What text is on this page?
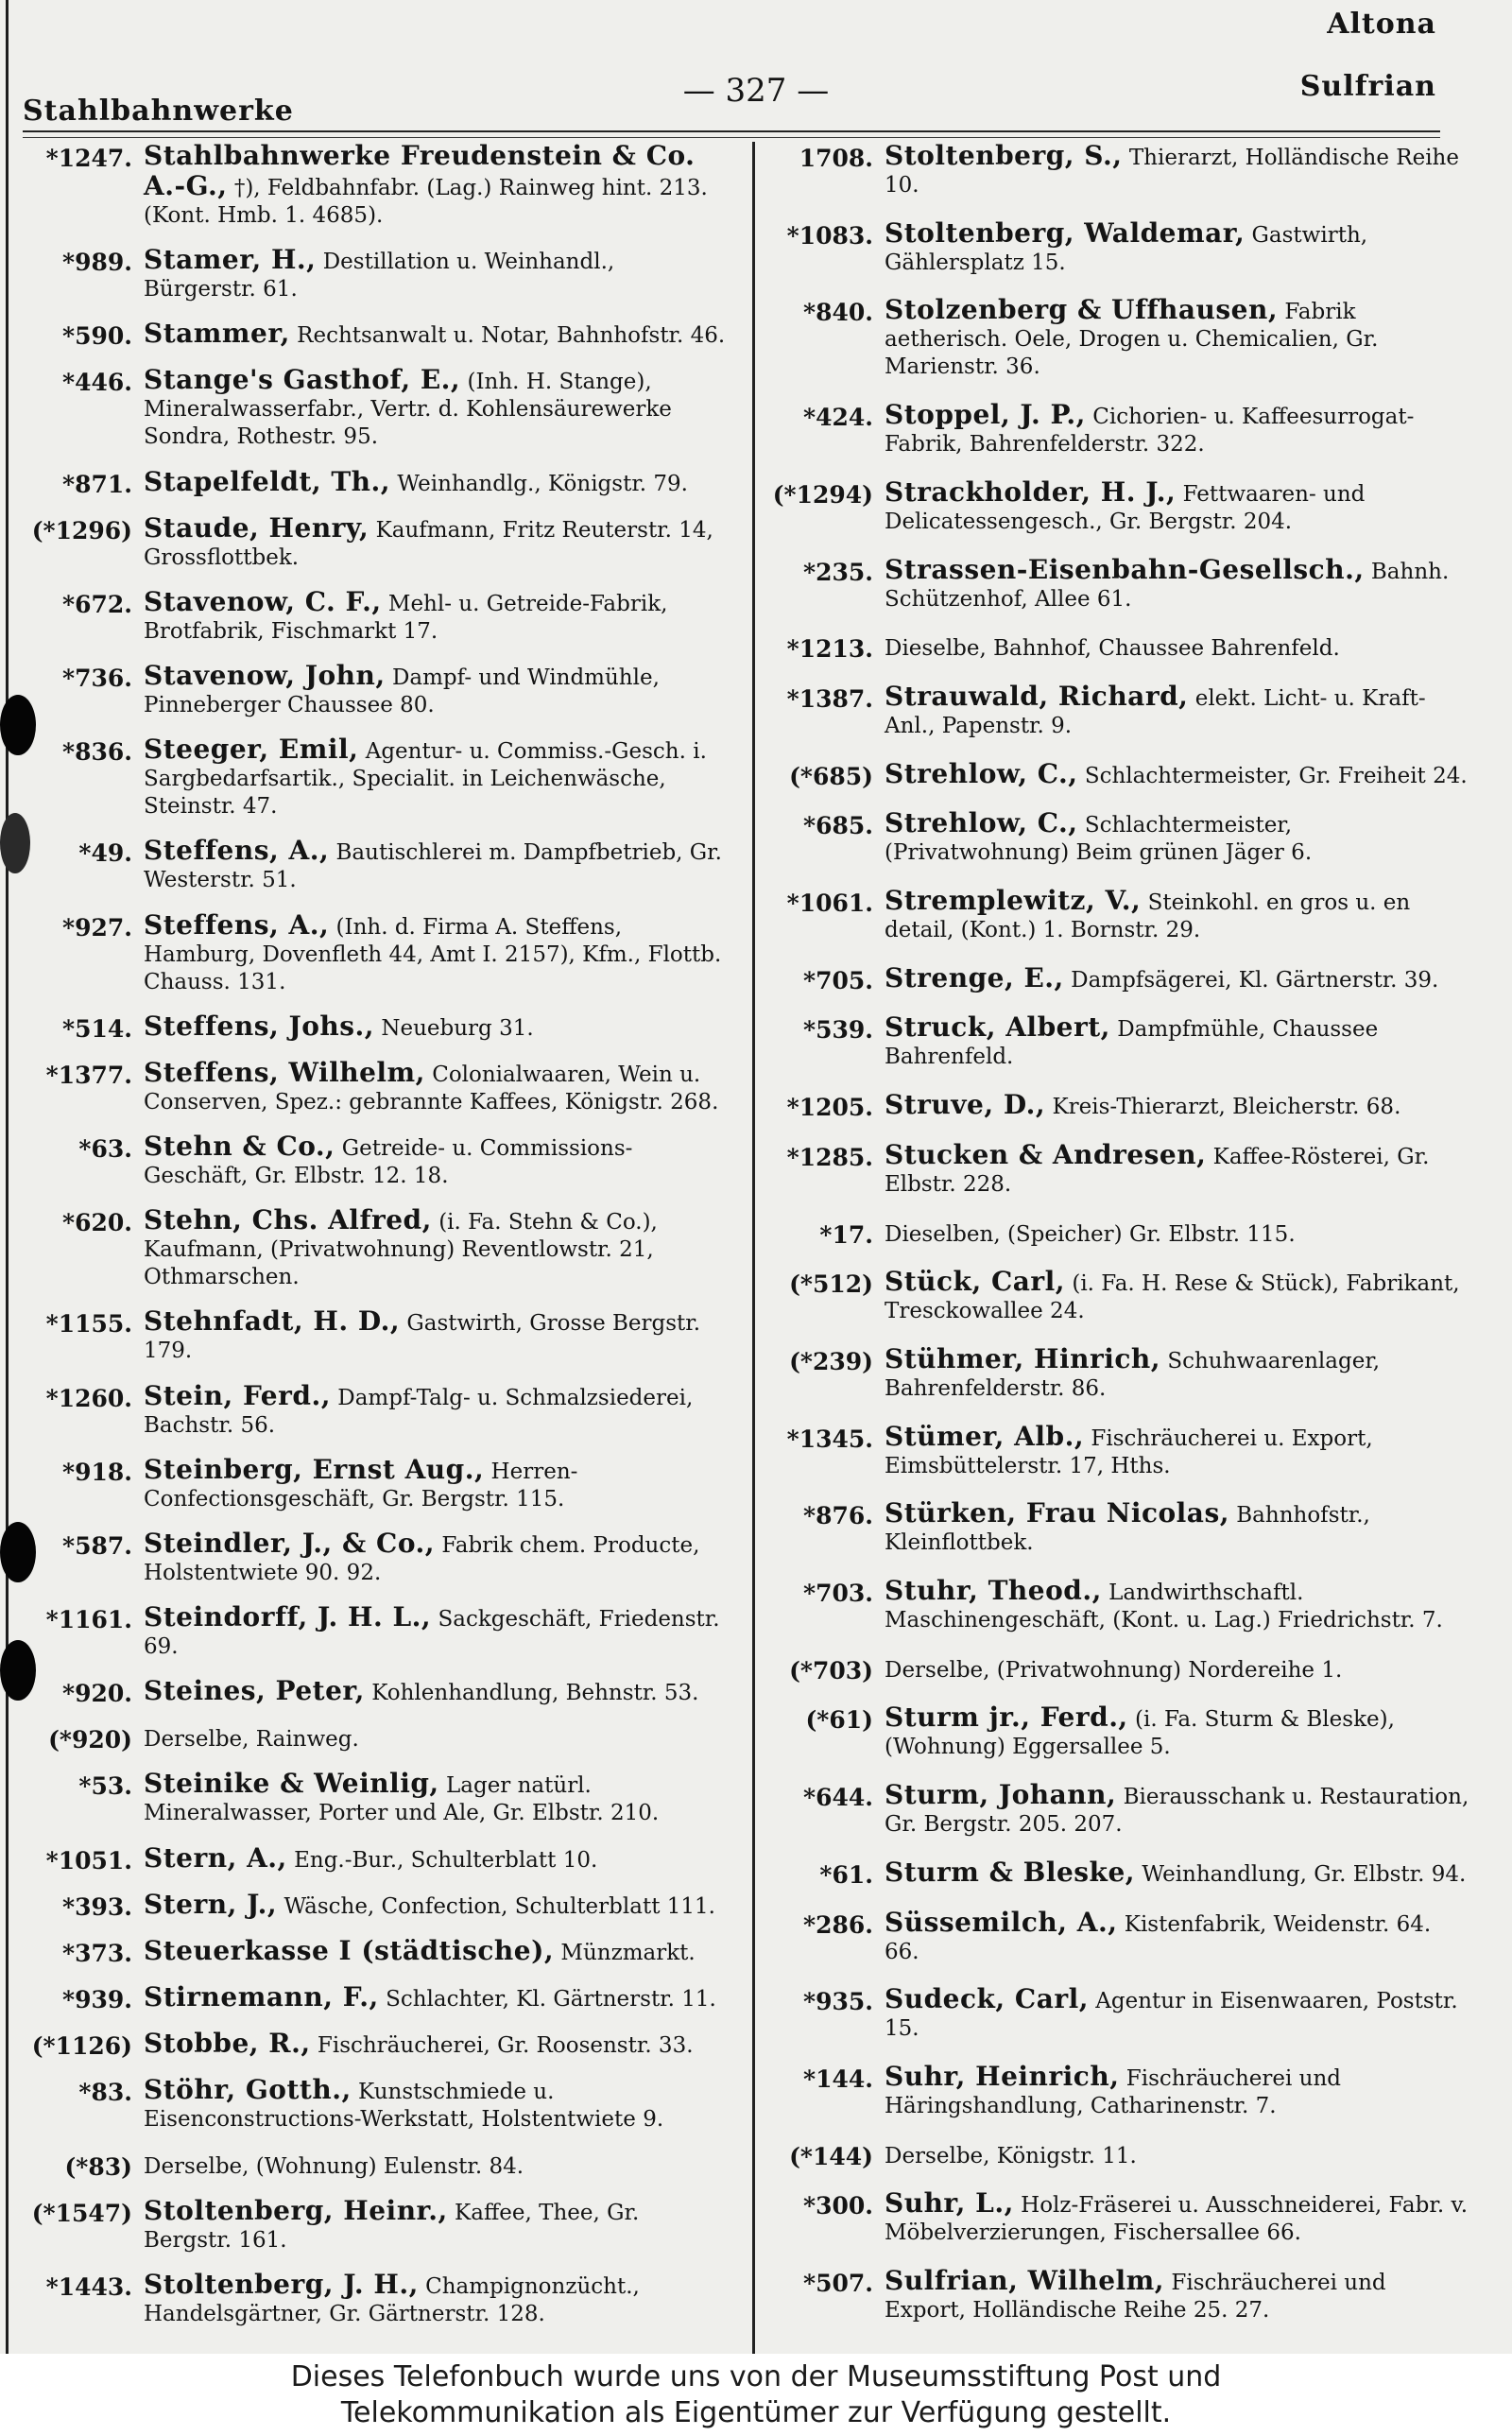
Altona
— 327 —
Stahlbahnwerke
Sulfrian
*1247. Stahlbahnwerke Freudenstein & Co. A.-G., †), Feldbahnfabr. (Lag.) Rainweg hint. 213. (Kont. Hmb. 1. 4685).
*989. Stamer, H., Destillation u. Weinhandl., Bürgerstr. 61.
*590. Stammer, Rechtsanwalt u. Notar, Bahnhofstr. 46.
*446. Stange's Gasthof, E., (Inh. H. Stange), Mineralwasserfabr., Vertr. d. Kohlensäurewerke Sondra, Rothestr. 95.
*871. Stapelfeldt, Th., Weinhandlg., Königstr. 79.
(*1296) Staude, Henry, Kaufmann, Fritz Reuterstr. 14, Grossflottbek.
*672. Stavenow, C. F., Mehl- u. Getreide-Fabrik, Brotfabrik, Fischmarkt 17.
*736. Stavenow, John, Dampf- und Windmühle, Pinneberger Chaussee 80.
*836. Steeger, Emil, Agentur- u. Commiss.-Gesch. i. Sargbedarfsartik., Specialit. in Leichenwäsche, Steinstr. 47.
*49. Steffens, A., Bautischlerei m. Dampfbetrieb, Gr. Westerstr. 51.
*927. Steffens, A., (Inh. d. Firma A. Steffens, Hamburg, Dovenfleth 44, Amt I. 2157), Kfm., Flottb. Chauss. 131.
*514. Steffens, Johs., Neueburg 31.
*1377. Steffens, Wilhelm, Colonialwaaren, Wein u. Conserven, Spez.: gebrannte Kaffees, Königstr. 268.
*63. Stehn & Co., Getreide- u. Commissions-Geschäft, Gr. Elbstr. 12. 18.
*620. Stehn, Chs. Alfred, (i. Fa. Stehn & Co.), Kaufmann, (Privatwohnung) Reventlowstr. 21, Othmarschen.
*1155. Stehnfadt, H. D., Gastwirth, Grosse Bergstr. 179.
*1260. Stein, Ferd., Dampf-Talg- u. Schmalzsiederei, Bachstr. 56.
*918. Steinberg, Ernst Aug., Herren-Confectionsgeschäft, Gr. Bergstr. 115.
*587. Steindler, J., & Co., Fabrik chem. Producte, Holstentwiete 90. 92.
*1161. Steindorff, J. H. L., Sackgeschäft, Friedenstr. 69.
*920. Steines, Peter, Kohlenhandlung, Behnstr. 53.
(*920) Derselbe, Rainweg.
*53. Steinike & Weinlig, Lager natürl. Mineralwasser, Porter und Ale, Gr. Elbstr. 210.
*1051. Stern, A., Eng.-Bur., Schulterblatt 10.
*393. Stern, J., Wäsche, Confection, Schulterblatt 111.
*373. Steuerkasse I (städtische), Münzmarkt.
*939. Stirnemann, F., Schlachter, Kl. Gärtnerstr. 11.
(*1126) Stobbe, R., Fischräucherei, Gr. Roosenstr. 33.
*83. Stöhr, Gotth., Kunstschmiede u. Eisenconstructions-Werkstatt, Holstentwiete 9.
(*83) Derselbe, (Wohnung) Eulenstr. 84.
(*1547) Stoltenberg, Heinr., Kaffee, Thee, Gr. Bergstr. 161.
*1443. Stoltenberg, J. H., Champignonzücht., Handelsgärtner, Gr. Gärtnerstr. 128.
1708. Stoltenberg, S., Thierarzt, Holländische Reihe 10.
*1083. Stoltenberg, Waldemar, Gastwirth, Gählersplatz 15.
*840. Stolzenberg & Uffhausen, Fabrik aetherisch. Oele, Drogen u. Chemicalien, Gr. Marienstr. 36.
*424. Stoppel, J. P., Cichorien- u. Kaffeesurrogat-Fabrik, Bahrenfelderstr. 322.
(*1294) Strackholder, H. J., Fettwaaren- und Delicatessengesch., Gr. Bergstr. 204.
*235. Strassen-Eisenbahn-Gesellsch., Bahnh. Schützenhof, Allee 61.
*1213. Dieselbe, Bahnhof, Chaussee Bahrenfeld.
*1387. Strauwald, Richard, elekt. Licht- u. Kraft-Anl., Papenstr. 9.
(*685) Strehlow, C., Schlachtermeister, Gr. Freiheit 24.
*685. Strehlow, C., Schlachtermeister, (Privatwohnung) Beim grünen Jäger 6.
*1061. Stremplewitz, V., Steinkohl. en gros u. en detail, (Kont.) 1. Bornstr. 29.
*705. Strenge, E., Dampfsägerei, Kl. Gärtnerstr. 39.
*539. Struck, Albert, Dampfmühle, Chaussee Bahrenfeld.
*1205. Struve, D., Kreis-Thierarzt, Bleicherstr. 68.
*1285. Stucken & Andresen, Kaffee-Rösterei, Gr. Elbstr. 228.
*17. Dieselben, (Speicher) Gr. Elbstr. 115.
(*512) Stück, Carl, (i. Fa. H. Rese & Stück), Fabrikant, Tresckowallee 24.
(*239) Stühmer, Hinrich, Schuhwaarenlager, Bahrenfelderstr. 86.
*1345. Stümer, Alb., Fischräucherei u. Export, Eimsbüttelerstr. 17, Hths.
*876. Stürken, Frau Nicolas, Bahnhofstr., Kleinflottbek.
*703. Stuhr, Theod., Landwirthschaftl. Maschinengeschäft, (Kont. u. Lag.) Friedrichstr. 7.
(*703) Derselbe, (Privatwohnung) Nordereihe 1.
(*61) Sturm jr., Ferd., (i. Fa. Sturm & Bleske), (Wohnung) Eggersallee 5.
*644. Sturm, Johann, Bierausschank u. Restauration, Gr. Bergstr. 205. 207.
*61. Sturm & Bleske, Weinhandlung, Gr. Elbstr. 94.
*286. Süssemilch, A., Kistenfabrik, Weidenstr. 64. 66.
*935. Sudeck, Carl, Agentur in Eisenwaaren, Poststr. 15.
*144. Suhr, Heinrich, Fischräucherei und Häringshandlung, Catharinenstr. 7.
(*144) Derselbe, Königstr. 11.
*300. Suhr, L., Holz-Fräserei u. Ausschneiderei, Fabr. v. Möbelverzierungen, Fischersallee 66.
*507. Sulfrian, Wilhelm, Fischräucherei und Export, Holländische Reihe 25. 27.
Dieses Telefonbuch wurde uns von der Museumsstiftung Post und
Telekommunikation als Eigentümer zur Verfügung gestellt.
